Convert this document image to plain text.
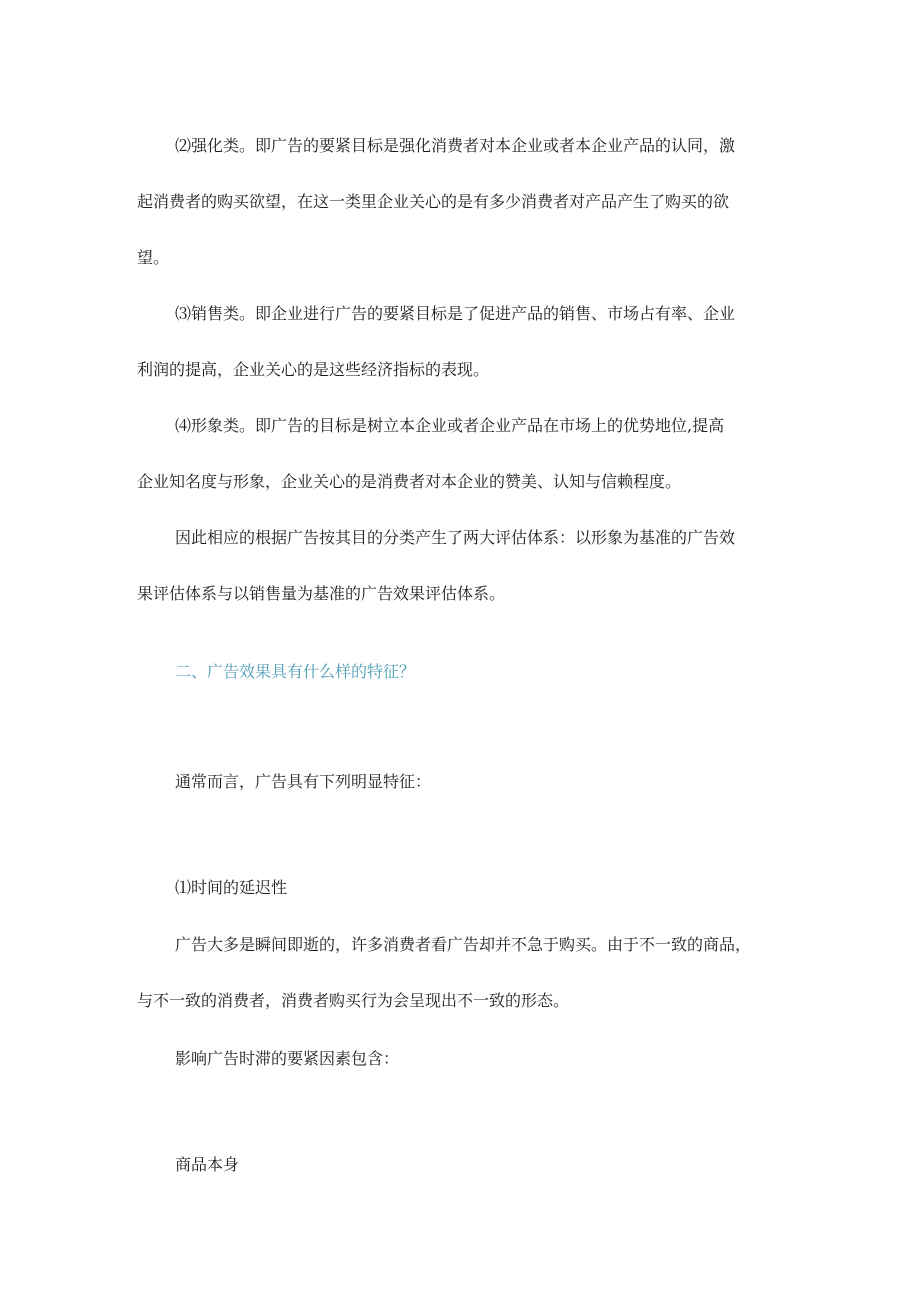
⑵强化类。即广告的要紧目标是强化消费者对本企业或者本企业产品的认同，激

起消费者的购买欲望，在这一类里企业关心的是有多少消费者对产品产生了购买的欲

望。

⑶销售类。即企业进行广告的要紧目标是了促进产品的销售、市场占有率、企业

利润的提高，企业关心的是这些经济指标的表现。

⑷形象类。即广告的目标是树立本企业或者企业产品在市场上的优势地位,提高

企业知名度与形象，企业关心的是消费者对本企业的赞美、认知与信赖程度。

因此相应的根据广告按其目的分类产生了两大评估体系：以形象为基准的广告效

果评估体系与以销售量为基准的广告效果评估体系。

二、广告效果具有什么样的特征？

通常而言，广告具有下列明显特征：

⑴时间的延迟性

广告大多是瞬间即逝的，许多消费者看广告却并不急于购买。由于不一致的商品，

与不一致的消费者，消费者购买行为会呈现出不一致的形态。

影响广告时滞的要紧因素包含：

商品本身
